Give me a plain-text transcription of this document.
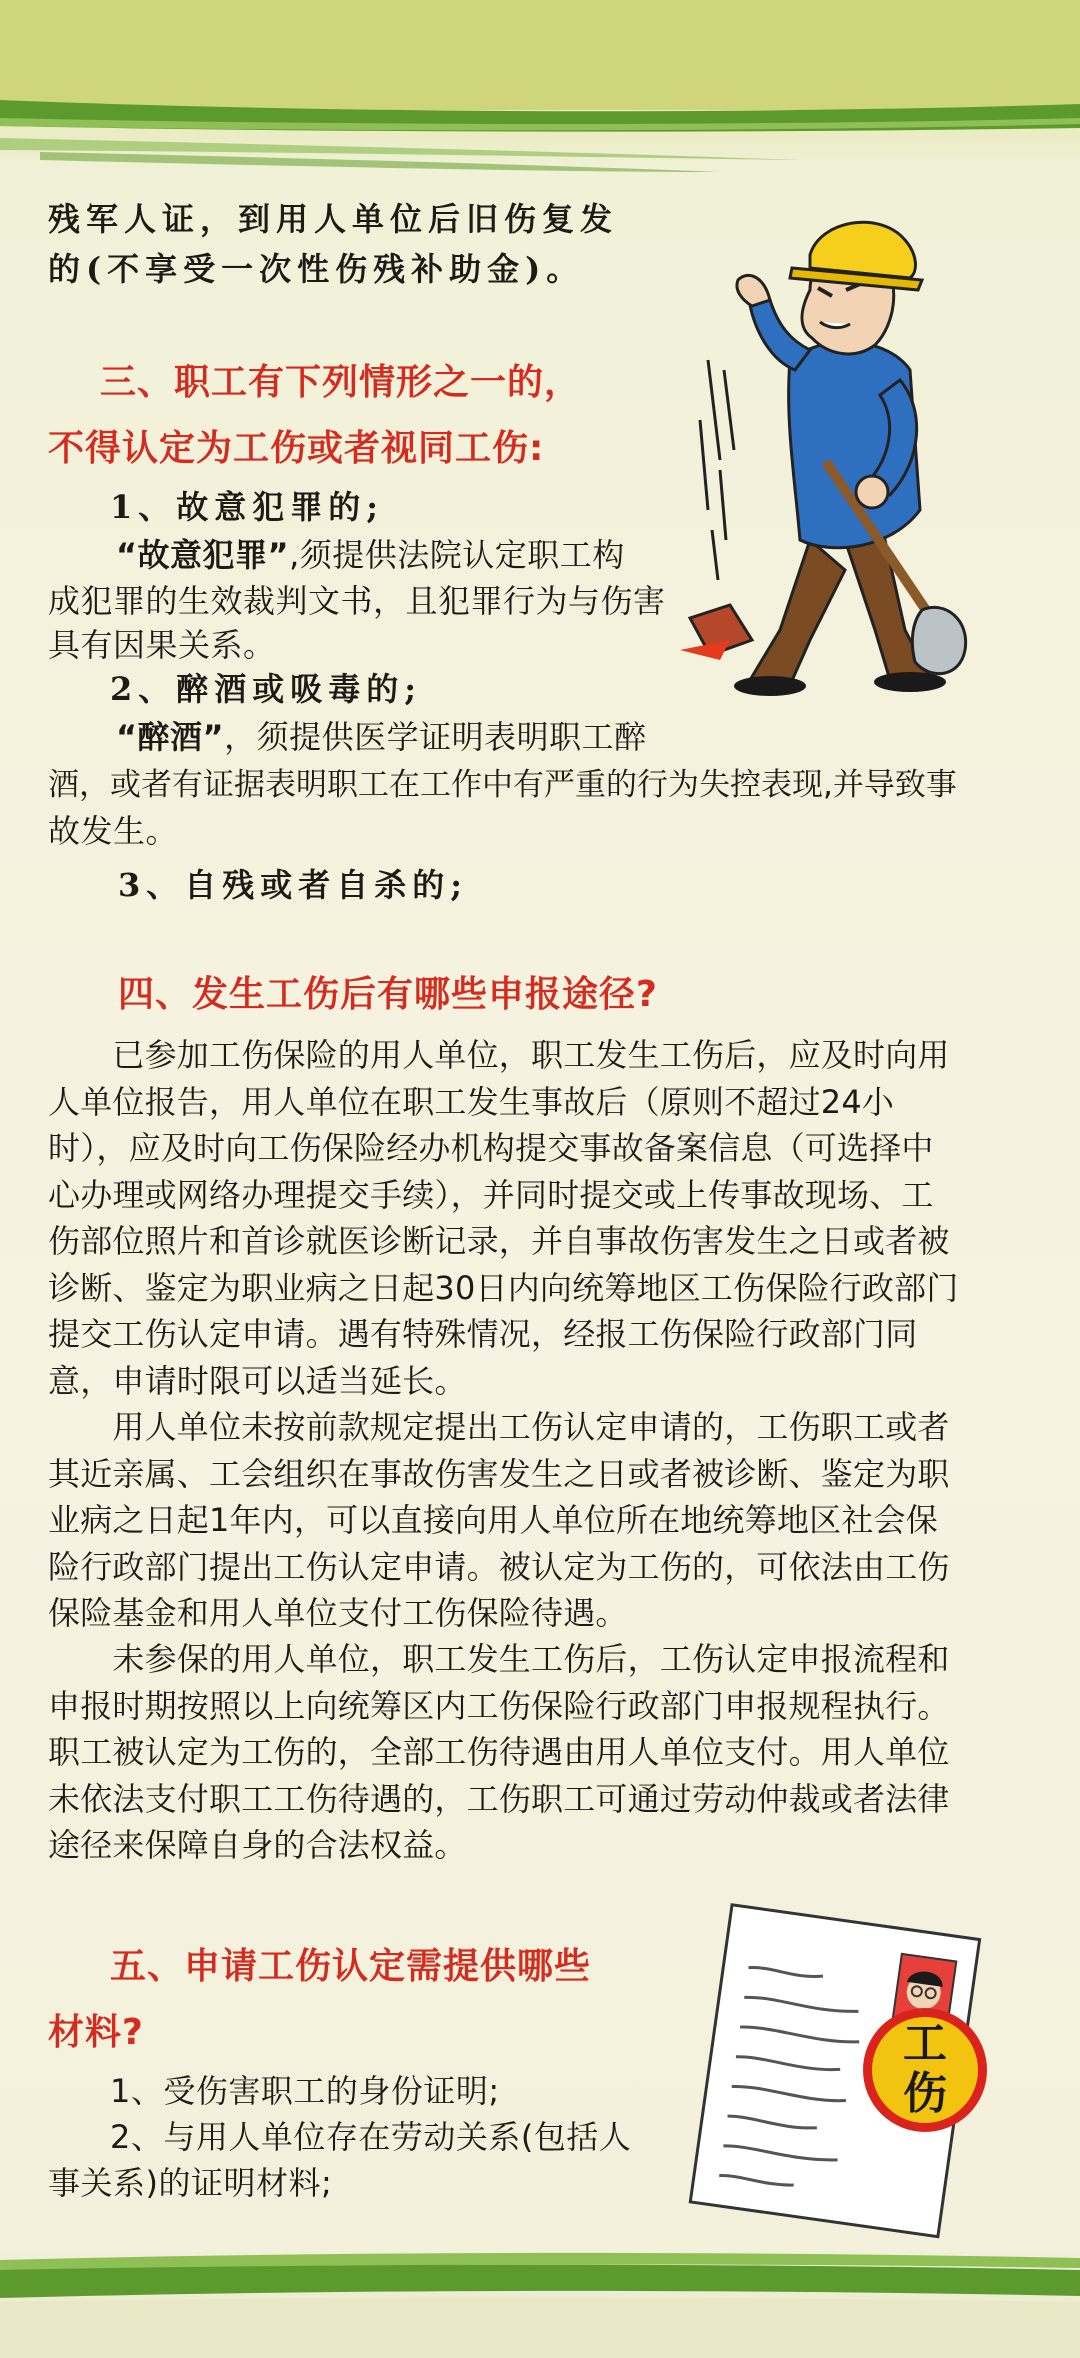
残军人证，到用人单位后旧伤复发

的(不享受一次性伤残补助金)。

三、职工有下列情形之一的，

不得认定为工伤或者视同工伤:

1、故意犯罪的;

“故意犯罪”,须提供法院认定职工构

成犯罪的生效裁判文书，且犯罪行为与伤害

具有因果关系。

2、醉酒或吸毒的;

“醉酒”，须提供医学证明表明职工醉

酒，或者有证据表明职工在工作中有严重的行为失控表现,并导致事

故发生。

3、自残或者自杀的;

四、发生工伤后有哪些申报途径?

　　已参加工伤保险的用人单位，职工发生工伤后，应及时向用
人单位报告，用人单位在职工发生事故后（原则不超过24小
时），应及时向工伤保险经办机构提交事故备案信息（可选择中
心办理或网络办理提交手续），并同时提交或上传事故现场、工
伤部位照片和首诊就医诊断记录，并自事故伤害发生之日或者被
诊断、鉴定为职业病之日起30日内向统筹地区工伤保险行政部门
提交工伤认定申请。遇有特殊情况，经报工伤保险行政部门同
意，申请时限可以适当延长。
　　用人单位未按前款规定提出工伤认定申请的，工伤职工或者
其近亲属、工会组织在事故伤害发生之日或者被诊断、鉴定为职
业病之日起1年内，可以直接向用人单位所在地统筹地区社会保
险行政部门提出工伤认定申请。被认定为工伤的，可依法由工伤
保险基金和用人单位支付工伤保险待遇。
　　未参保的用人单位，职工发生工伤后，工伤认定申报流程和
申报时期按照以上向统筹区内工伤保险行政部门申报规程执行。
职工被认定为工伤的，全部工伤待遇由用人单位支付。用人单位
未依法支付职工工伤待遇的，工伤职工可通过劳动仲裁或者法律
途径来保障自身的合法权益。

五、申请工伤认定需提供哪些

材料?

1、受伤害职工的身份证明;

2、与用人单位存在劳动关系(包括人

事关系)的证明材料;

工
伤
